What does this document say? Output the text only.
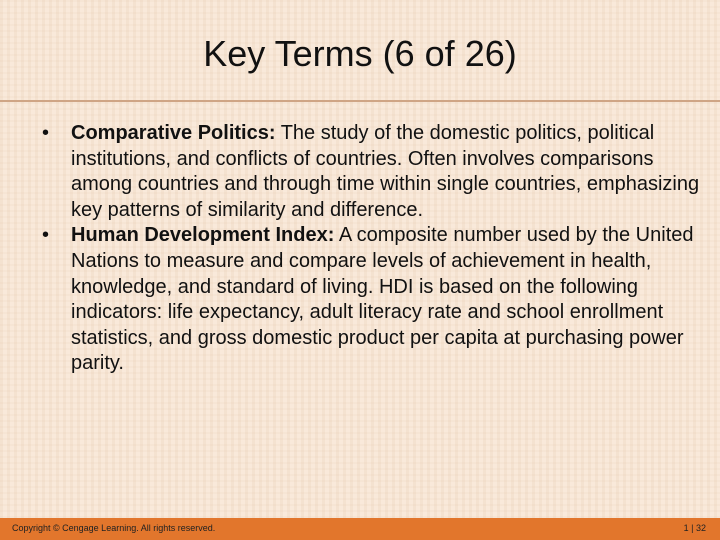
Key Terms (6 of 26)
•	Comparative Politics: The study of the domestic politics, political institutions, and conflicts of countries. Often involves comparisons among countries and through time within single countries, emphasizing key patterns of similarity and difference.
•	Human Development Index: A composite number used by the United Nations to measure and compare levels of achievement in health, knowledge, and standard of living. HDI is based on the following indicators: life expectancy, adult literacy rate and school enrollment statistics, and gross domestic product per capita at purchasing power parity.
Copyright © Cengage Learning. All rights reserved.	1 | 32
